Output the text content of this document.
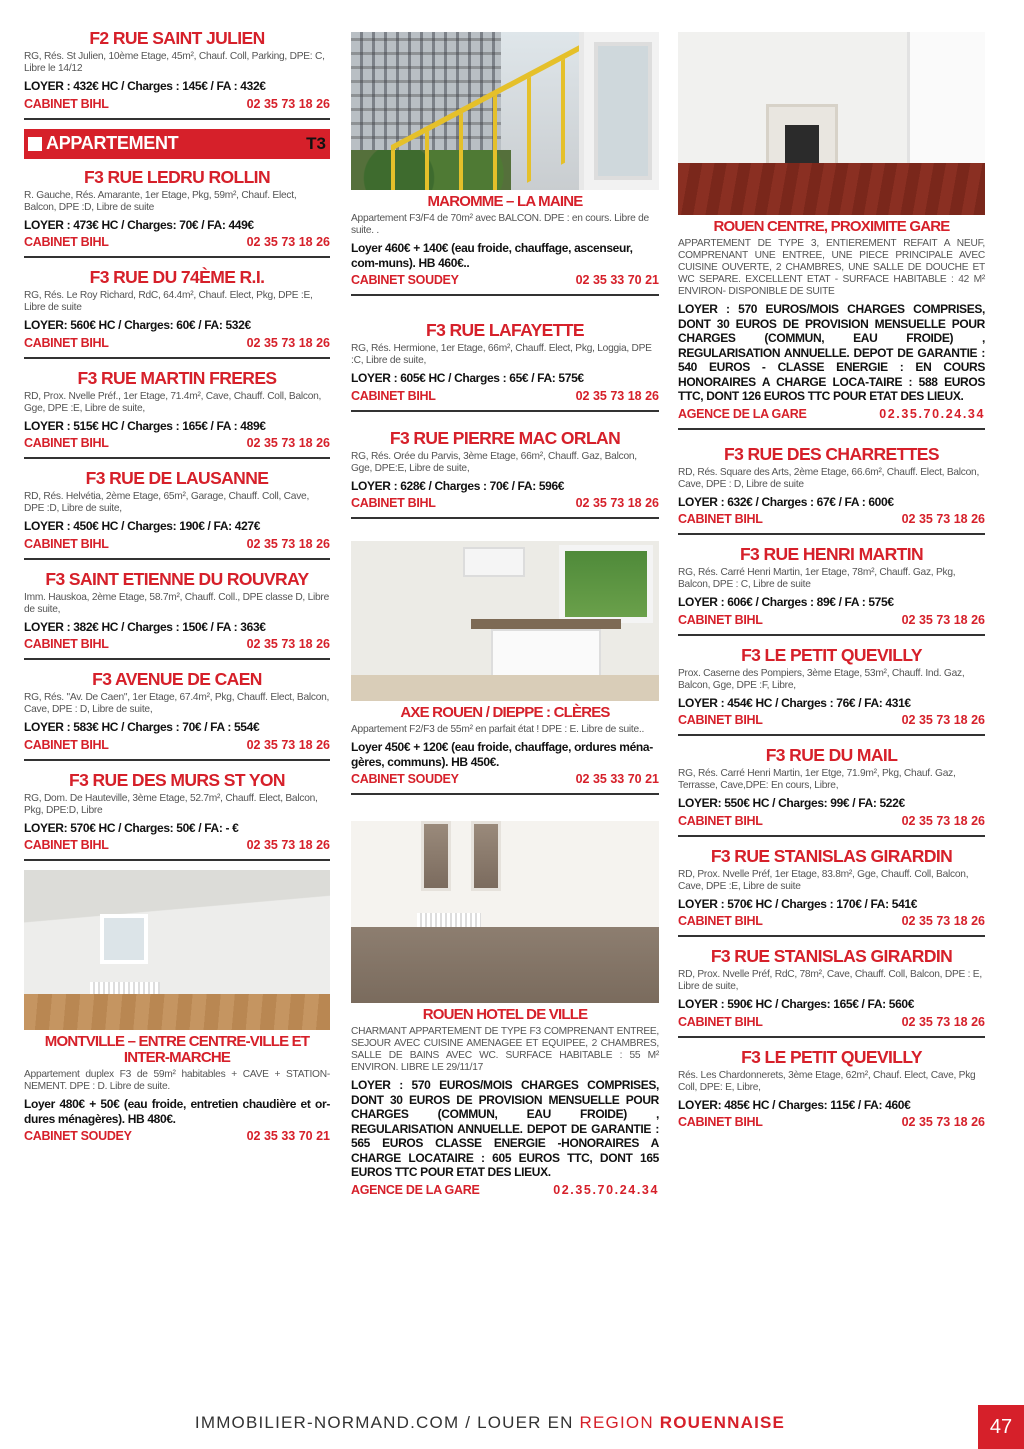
F2 RUE SAINT JULIEN

RG, Rés. St Julien, 10ème Etage, 45m², Chauf. Coll, Parking, DPE: C, Libre le 14/12

LOYER : 432€ HC / Charges : 145€ / FA : 432€

CABINET BIHL	02 35 73 18 26
APPARTEMENT	T3
F3 RUE LEDRU ROLLIN

R. Gauche, Rés. Amarante, 1er Etage, Pkg, 59m², Chauf. Elect, Balcon, DPE :D, Libre de suite

LOYER : 473€ HC / Charges: 70€ / FA: 449€

CABINET BIHL	02 35 73 18 26
F3 RUE DU 74ÈME R.I.

RG, Rés. Le Roy Richard, RdC, 64.4m², Chauf. Elect, Pkg, DPE :E, Libre de suite

LOYER: 560€ HC / Charges: 60€ / FA: 532€

CABINET BIHL	02 35 73 18 26
F3 RUE MARTIN FRERES

RD, Prox. Nvelle Préf., 1er Etage, 71.4m², Cave, Chauff. Coll, Balcon, Gge, DPE :E, Libre de suite,

LOYER : 515€ HC / Charges : 165€ / FA : 489€

CABINET BIHL	02 35 73 18 26
F3 RUE DE LAUSANNE

RD, Rés. Helvétia, 2ème Etage, 65m², Garage, Chauff. Coll, Cave, DPE :D, Libre de suite,

LOYER : 450€ HC / Charges: 190€ / FA: 427€

CABINET BIHL	02 35 73 18 26
F3 SAINT ETIENNE DU ROUVRAY

Imm. Hauskoa, 2ème Etage, 58.7m², Chauff. Coll., DPE classe D, Libre de suite,

LOYER : 382€ HC / Charges : 150€ / FA : 363€

CABINET BIHL	02 35 73 18 26
F3 AVENUE DE CAEN

RG, Rés. "Av. De Caen", 1er Etage, 67.4m², Pkg, Chauff. Elect, Balcon, Cave, DPE : D, Libre de suite,

LOYER : 583€ HC / Charges : 70€ / FA : 554€

CABINET BIHL	02 35 73 18 26
F3 RUE DES MURS ST YON

RG, Dom. De Hauteville, 3ème Etage, 52.7m², Chauff. Elect, Balcon, Pkg, DPE:D, Libre

LOYER: 570€ HC / Charges: 50€ / FA: - €

CABINET BIHL	02 35 73 18 26
MONTVILLE – ENTRE CENTRE-VILLE ET INTER-MARCHE

Appartement duplex F3 de 59m² habitables + CAVE + STATION-NEMENT. DPE : D. Libre de suite.

Loyer 480€ + 50€ (eau froide, entretien chaudière et or-dures ménagères). HB 480€.

CABINET SOUDEY	02 35 33 70 21
MAROMME – LA MAINE

Appartement F3/F4 de 70m² avec BALCON. DPE : en cours. Libre de suite. .

Loyer 460€ + 140€ (eau froide, chauffage, ascenseur, com-muns). HB 460€..

CABINET SOUDEY	02 35 33 70 21
F3 RUE LAFAYETTE

RG, Rés. Hermione, 1er Etage, 66m², Chauff. Elect, Pkg, Loggia, DPE :C, Libre de suite,

LOYER : 605€ HC / Charges : 65€ / FA: 575€

CABINET BIHL	02 35 73 18 26
F3 RUE PIERRE MAC ORLAN

RG, Rés. Orée du Parvis, 3ème Etage, 66m², Chauff. Gaz, Balcon, Gge, DPE:E, Libre de suite,

LOYER : 628€ / Charges : 70€ / FA: 596€

CABINET BIHL	02 35 73 18 26
AXE ROUEN / DIEPPE : CLÈRES

Appartement F2/F3 de 55m² en parfait état ! DPE : E. Libre de suite..

Loyer 450€ + 120€ (eau froide, chauffage, ordures ména-gères, communs). HB 450€.

CABINET SOUDEY	02 35 33 70 21
ROUEN HOTEL DE VILLE

CHARMANT APPARTEMENT DE TYPE F3 COMPRENANT ENTREE, SEJOUR AVEC CUISINE AMENAGEE ET EQUIPEE, 2 CHAMBRES, SALLE DE BAINS AVEC WC. SURFACE HABITABLE : 55 M² ENVIRON. LIBRE LE 29/11/17

LOYER : 570 EUROS/MOIS CHARGES COMPRISES, DONT 30 EUROS DE PROVISION MENSUELLE POUR CHARGES (COMMUN, EAU FROIDE) , REGULARISATION ANNUELLE. DEPOT DE GARANTIE : 565 EUROS CLASSE ENERGIE -HONORAIRES A CHARGE LOCATAIRE : 605 EUROS TTC, DONT 165 EUROS TTC POUR ETAT DES LIEUX.

AGENCE DE LA GARE	02.35.70.24.34
ROUEN CENTRE, PROXIMITE GARE

APPARTEMENT DE TYPE 3, ENTIEREMENT REFAIT A NEUF, COMPRENANT UNE ENTREE, UNE PIECE PRINCIPALE AVEC CUISINE OUVERTE, 2 CHAMBRES, UNE SALLE DE DOUCHE ET WC SEPARE. EXCELLENT ETAT - SURFACE HABITABLE : 42 M² ENVIRON- DISPONIBLE DE SUITE

LOYER : 570 EUROS/MOIS CHARGES COMPRISES, DONT 30 EUROS DE PROVISION MENSUELLE POUR CHARGES (COMMUN, EAU FROIDE) , REGULARISATION ANNUELLE. DEPOT DE GARANTIE : 540 EUROS - CLASSE ENERGIE : EN COURS HONORAIRES A CHARGE LOCA-TAIRE : 588 EUROS TTC, DONT 126 EUROS TTC POUR ETAT DES LIEUX.

AGENCE DE LA GARE	02.35.70.24.34
F3 RUE DES CHARRETTES

RD, Rés. Square des Arts, 2ème Etage, 66.6m², Chauff. Elect, Balcon, Cave, DPE : D, Libre de suite

LOYER : 632€ / Charges : 67€ / FA : 600€

CABINET BIHL	02 35 73 18 26
F3 RUE HENRI MARTIN

RG, Rés. Carré Henri Martin, 1er Etage, 78m², Chauff. Gaz, Pkg, Balcon, DPE : C, Libre de suite

LOYER : 606€ / Charges : 89€ / FA : 575€

CABINET BIHL	02 35 73 18 26
F3 LE PETIT QUEVILLY

Prox. Caserne des Pompiers, 3ème Etage, 53m², Chauff. Ind. Gaz, Balcon, Gge, DPE :F, Libre,

LOYER : 454€ HC / Charges : 76€ / FA: 431€

CABINET BIHL	02 35 73 18 26
F3 RUE DU MAIL

RG, Rés. Carré Henri Martin, 1er Etge, 71.9m², Pkg, Chauf. Gaz, Terrasse, Cave,DPE: En cours, Libre,

LOYER: 550€ HC / Charges: 99€ / FA: 522€

CABINET BIHL	02 35 73 18 26
F3 RUE STANISLAS GIRARDIN

RD, Prox. Nvelle Préf, 1er Etage, 83.8m², Gge, Chauff. Coll, Balcon, Cave, DPE :E, Libre de suite

LOYER : 570€ HC / Charges : 170€ / FA: 541€

CABINET BIHL	02 35 73 18 26
F3 RUE STANISLAS GIRARDIN

RD, Prox. Nvelle Préf, RdC, 78m², Cave, Chauff. Coll, Balcon, DPE : E, Libre de suite,

LOYER : 590€ HC / Charges: 165€ / FA: 560€

CABINET BIHL	02 35 73 18 26
F3 LE PETIT QUEVILLY

Rés. Les Chardonnerets, 3ème Etage, 62m², Chauf. Elect, Cave, Pkg Coll, DPE: E, Libre,

LOYER: 485€ HC / Charges: 115€ / FA: 460€

CABINET BIHL	02 35 73 18 26
IMMOBILIER-NORMAND.COM / LOUER EN REGION ROUENNAISE	47
